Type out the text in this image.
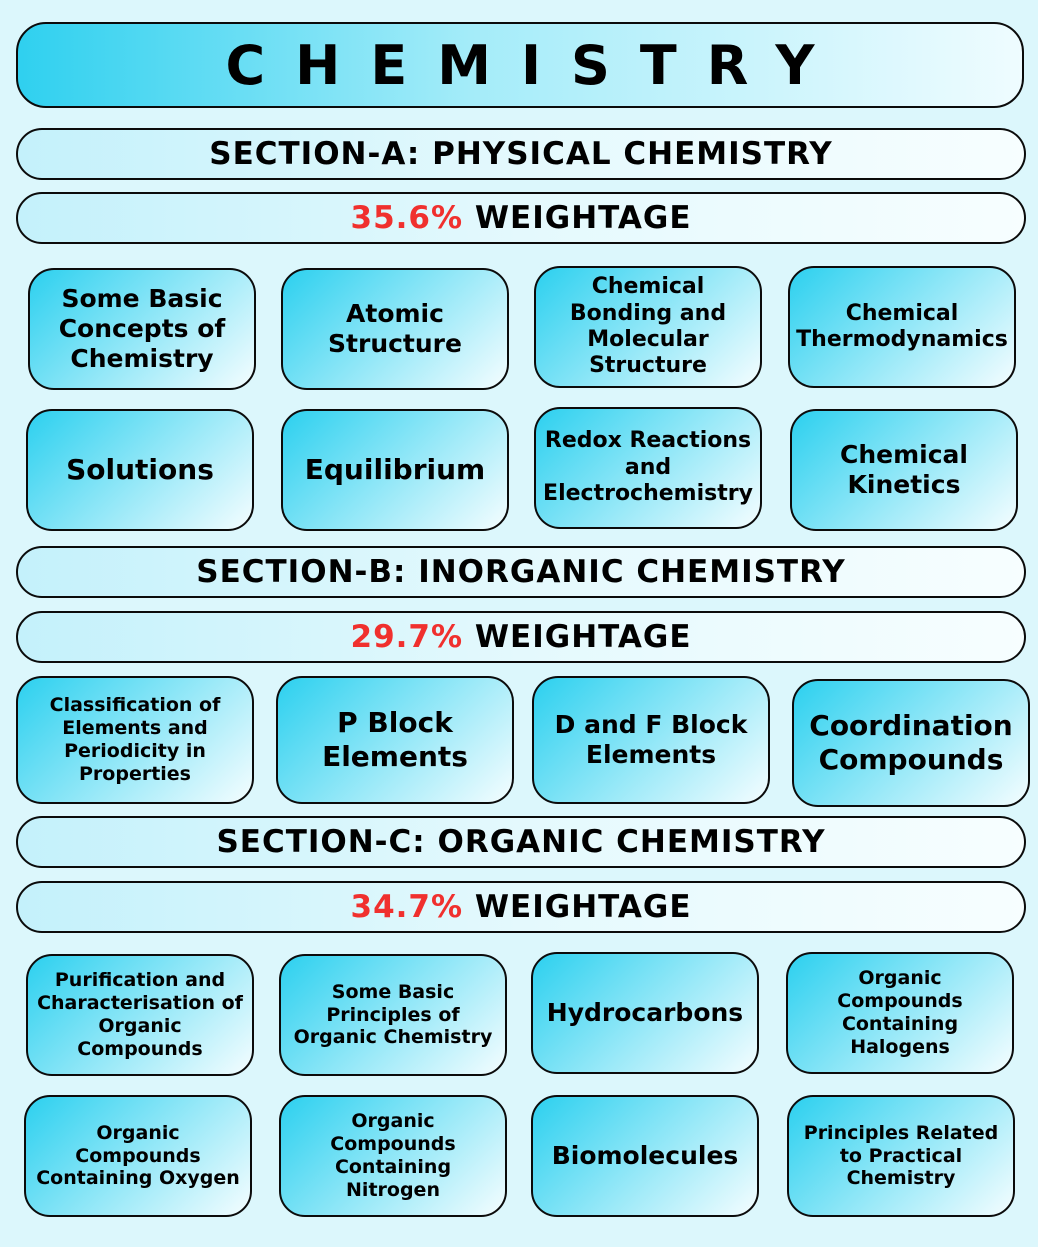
CHEMISTRY
SECTION-A: PHYSICAL CHEMISTRY
35.6% WEIGHTAGE
Some Basic Concepts of Chemistry
Atomic Structure
Chemical Bonding and Molecular Structure
Chemical Thermodynamics
Solutions	Equilibrium
Redox Reactions and Electrochemistry
Chemical Kinetics
SECTION-B: INORGANIC CHEMISTRY
29.7% WEIGHTAGE
Classification of Elements and Periodicity in Properties
P Block Elements
D and F Block Elements
Coordination Compounds
SECTION-C: ORGANIC CHEMISTRY
34.7% WEIGHTAGE
Purification and Characterisation of Organic Compounds
Some Basic Principles of Organic Chemistry
Hydrocarbons
Organic Compounds Containing Halogens
Organic Compounds Containing Oxygen
Organic Compounds Containing Nitrogen
Biomolecules
Principles Related to Practical Chemistry
